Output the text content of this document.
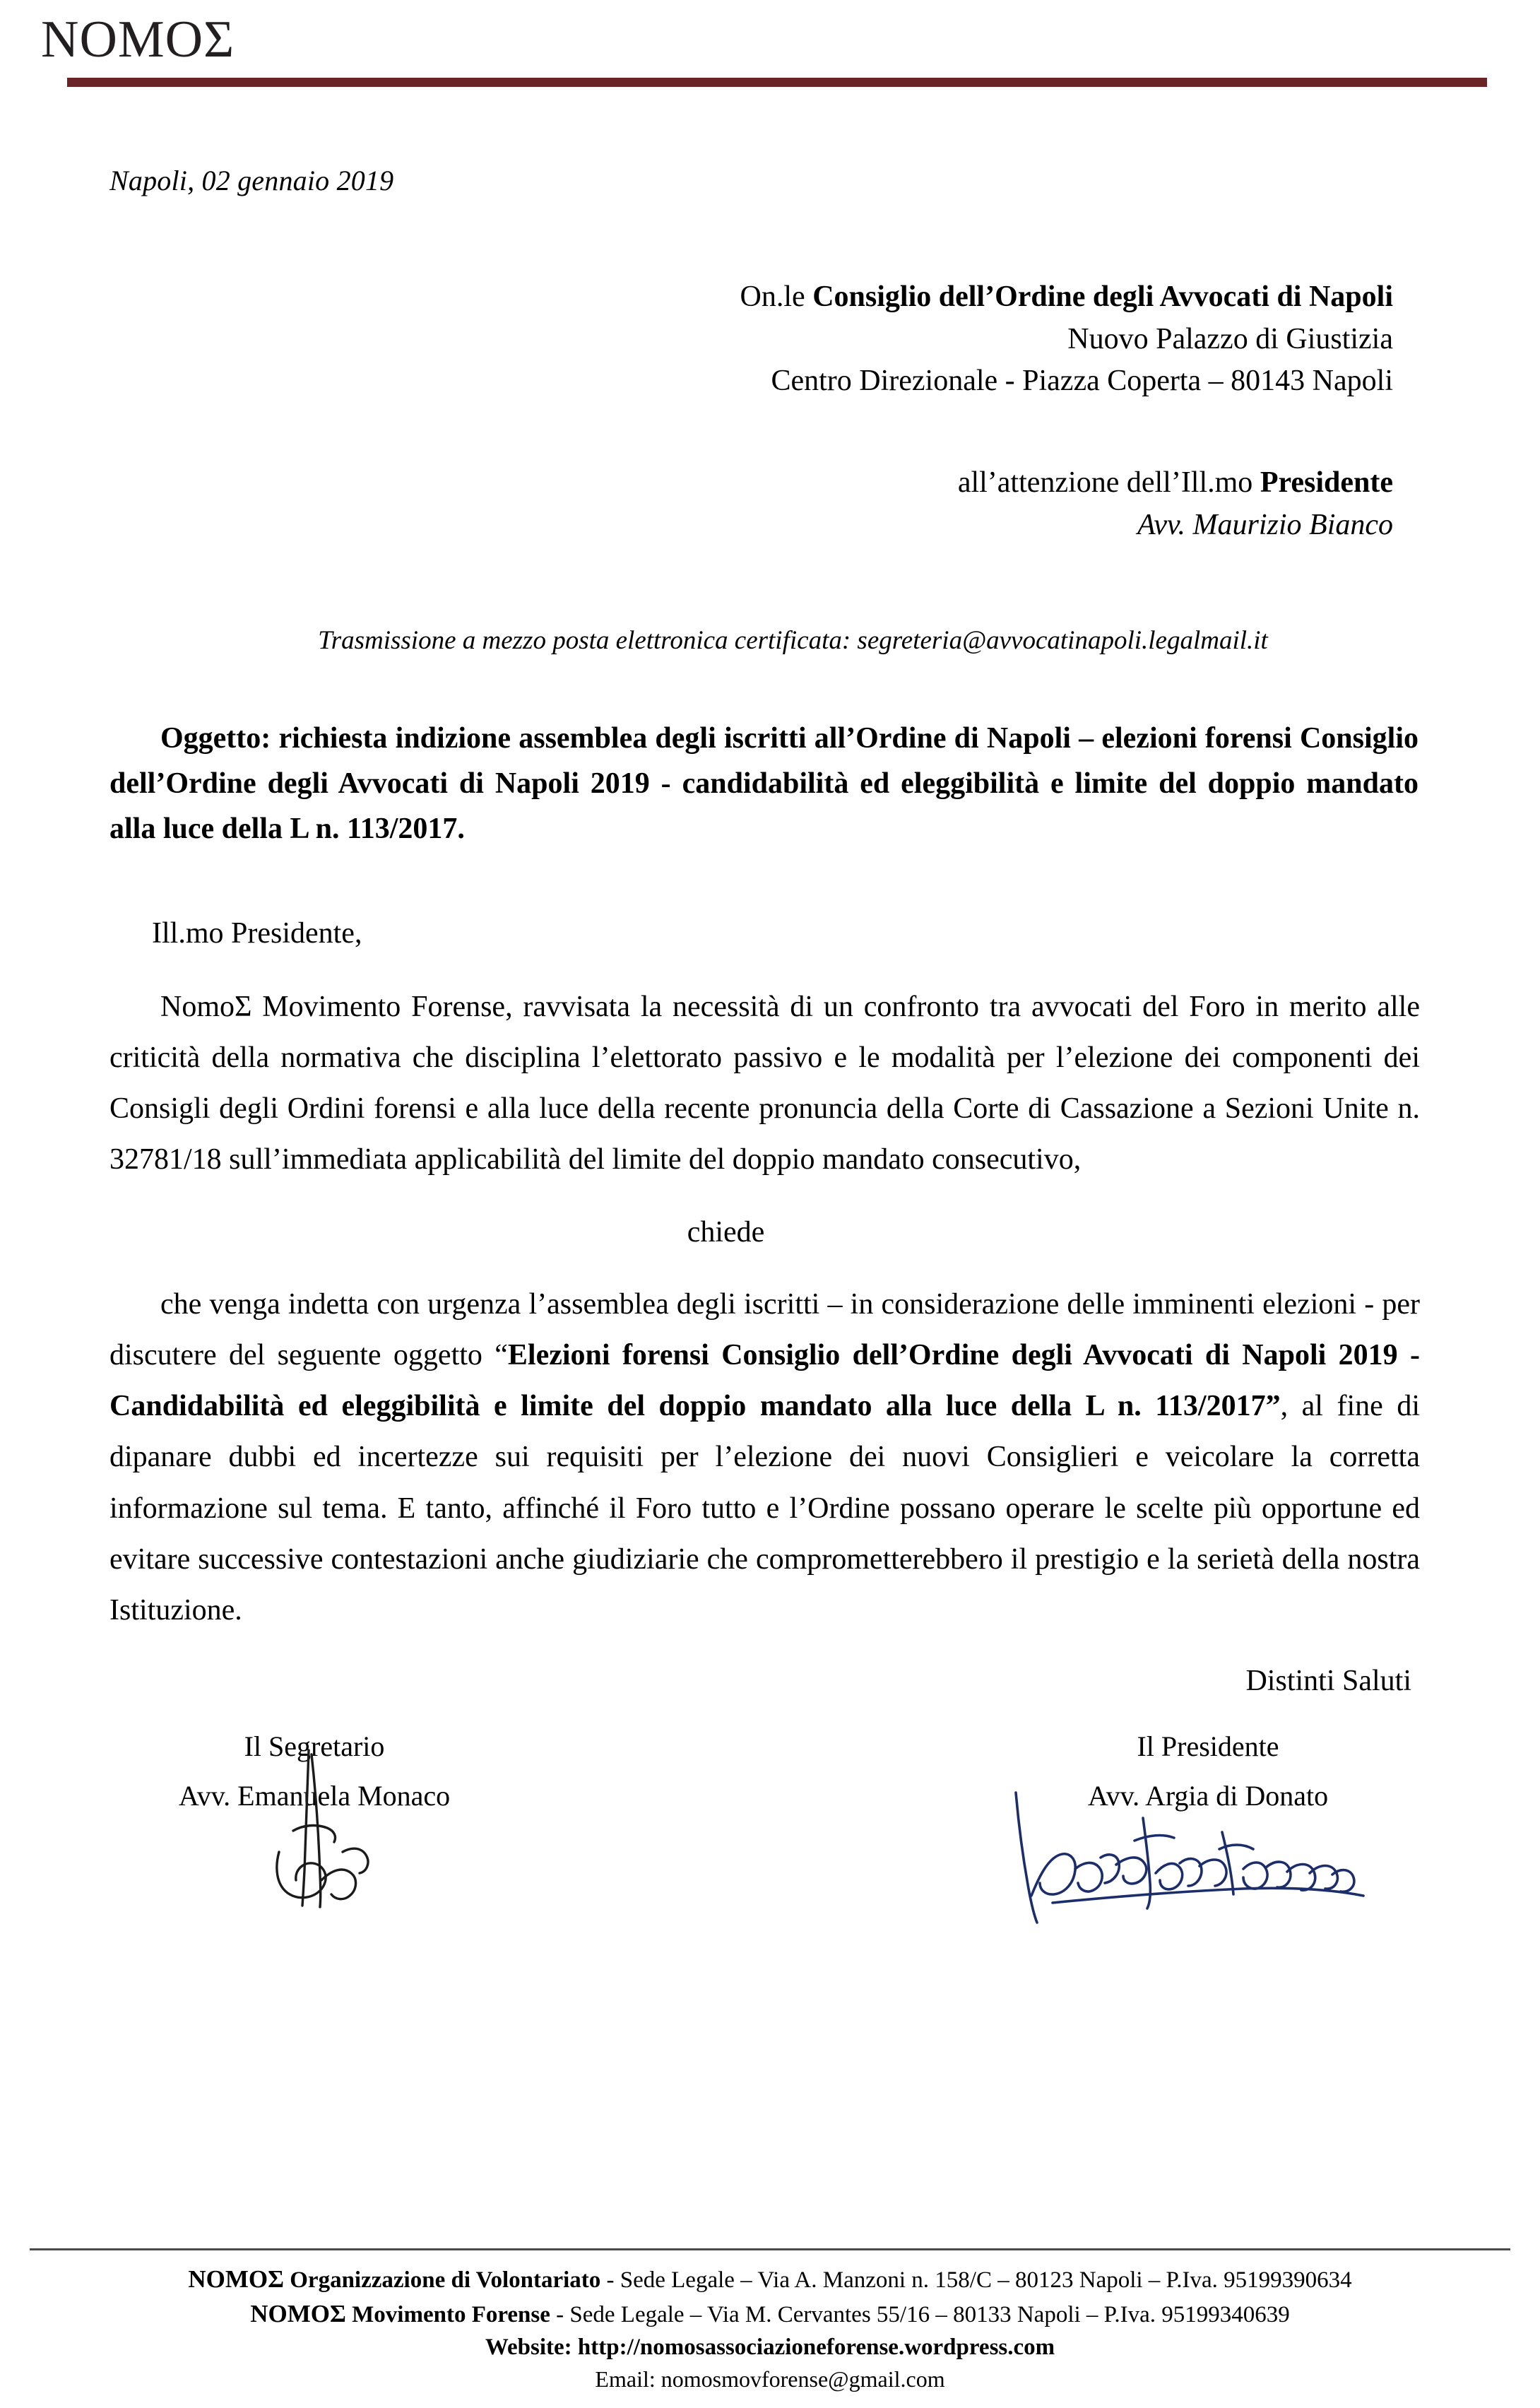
ΝΟΜΟΣ
Napoli, 02 gennaio 2019
On.le Consiglio dell’Ordine degli Avvocati di Napoli
Nuovo Palazzo di Giustizia
Centro Direzionale - Piazza Coperta – 80143 Napoli
all’attenzione dell’Ill.mo Presidente
Avv. Maurizio Bianco
Trasmissione a mezzo posta elettronica certificata: segreteria@avvocatinapoli.legalmail.it
Oggetto: richiesta indizione assemblea degli iscritti all’Ordine di Napoli – elezioni forensi Consiglio dell’Ordine degli Avvocati di Napoli 2019 - candidabilità ed eleggibilità e limite del doppio mandato alla luce della L n. 113/2017.
Ill.mo Presidente,
NomoΣ Movimento Forense, ravvisata la necessità di un confronto tra avvocati del Foro in merito alle criticità della normativa che disciplina l’elettorato passivo e le modalità per l’elezione dei componenti dei Consigli degli Ordini forensi e alla luce della recente pronuncia della Corte di Cassazione a Sezioni Unite n. 32781/18 sull’immediata applicabilità del limite del doppio mandato consecutivo,
chiede
che venga indetta con urgenza l’assemblea degli iscritti – in considerazione delle imminenti elezioni - per discutere del seguente oggetto “Elezioni forensi Consiglio dell’Ordine degli Avvocati di Napoli 2019 - Candidabilità ed eleggibilità e limite del doppio mandato alla luce della L n. 113/2017”, al fine di dipanare dubbi ed incertezze sui requisiti per l’elezione dei nuovi Consiglieri e veicolare la corretta informazione sul tema. E tanto, affinché il Foro tutto e l’Ordine possano operare le scelte più opportune ed evitare successive contestazioni anche giudiziarie che comprometterebbero il prestigio e la serietà della nostra Istituzione.
Distinti Saluti
Il Segretario
Avv. Emanuela Monaco
Il Presidente
Avv. Argia di Donato
ΝΟΜΟΣ Organizzazione di Volontariato - Sede Legale – Via A. Manzoni n. 158/C – 80123 Napoli – P.Iva. 95199390634
ΝΟΜΟΣ Movimento Forense - Sede Legale – Via M. Cervantes 55/16 – 80133 Napoli – P.Iva. 95199340639
Website: http://nomosassociazioneforense.wordpress.com
Email: nomosmovforense@gmail.com
